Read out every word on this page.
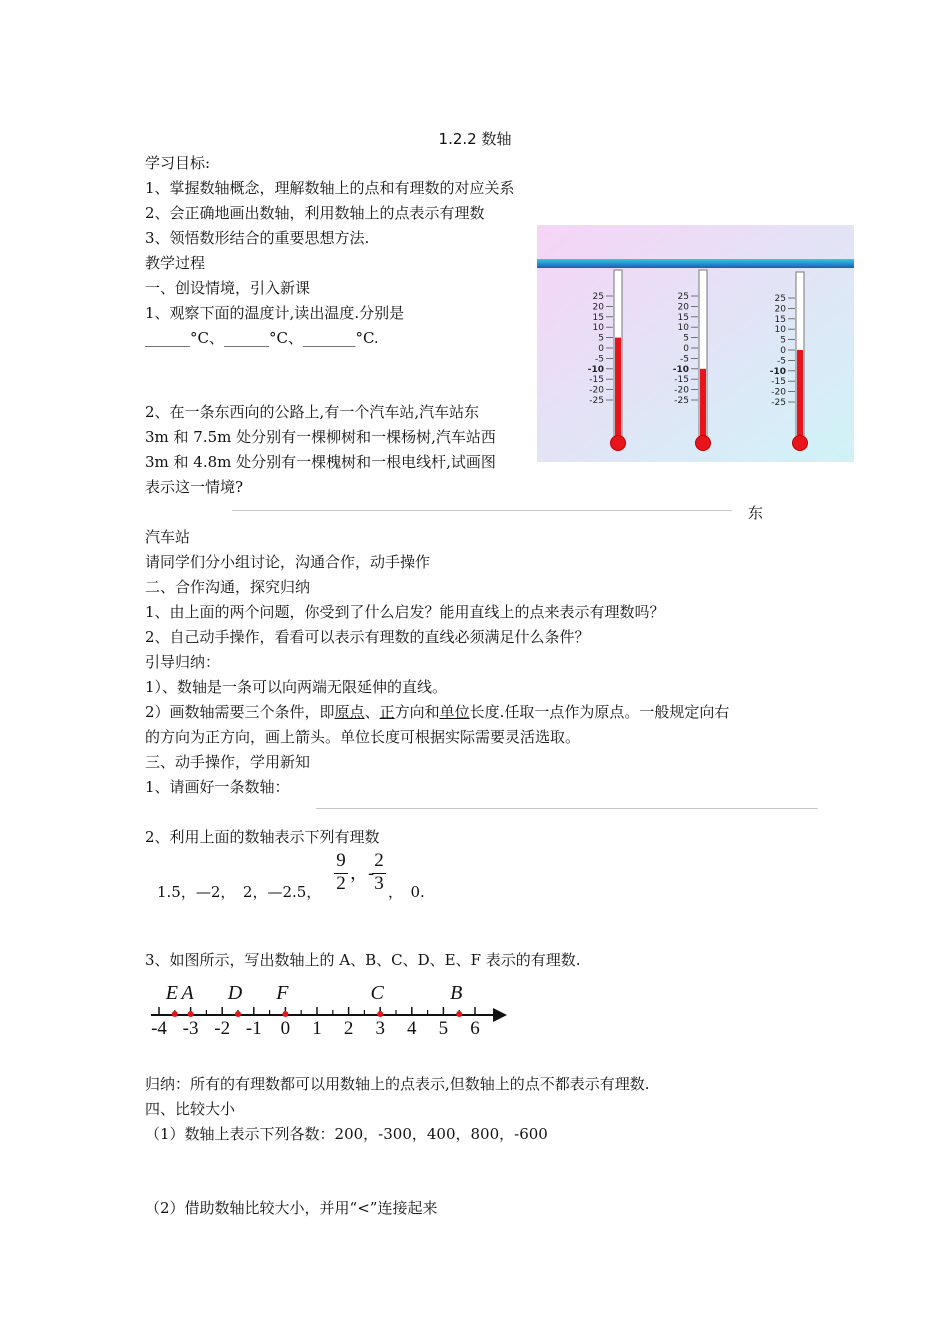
1.2.2 数轴
学习目标:
1、掌握数轴概念，理解数轴上的点和有理数的对应关系
2、会正确地画出数轴，利用数轴上的点表示有理数
3、领悟数形结合的重要思想方法.
教学过程
一、创设情境，引入新课
1、观察下面的温度计,读出温度.分别是
______°C、______°C、_______°C.
25
20
15
10
5
0
-5
-10
-15
-20
-25
25
20
15
10
5
0
-5
-10
-15
-20
-25
25
20
15
10
5
0
-5
-10
-15
-20
-25
2、在一条东西向的公路上,有一个汽车站,汽车站东
3m 和 7.5m 处分别有一棵柳树和一棵杨树,汽车站西
3m 和 4.8m 处分别有一棵槐树和一根电线杆,试画图
表示这一情境?
东
汽车站
请同学们分小组讨论，沟通合作，动手操作
二、合作沟通，探究归纳
1、由上面的两个问题，你受到了什么启发？能用直线上的点来表示有理数吗？
2、自己动手操作，看看可以表示有理数的直线必须满足什么条件？
引导归纳：
1）、数轴是一条可以向两端无限延伸的直线。
2）画数轴需要三个条件，即原点、正方向和单位长度.任取一点作为原点。一般规定向右
的方向为正方向，画上箭头。单位长度可根据实际需要灵活选取。
三、动手操作，学用新知
1、请画好一条数轴：
2、利用上面的数轴表示下列有理数
1.5，—2，　2，—2.5，
9
2 ，-
2
3 ，　0.
3、如图所示，写出数轴上的 A、B、C、D、E、F 表示的有理数.
-4 -3 -2 -1 0 1 2 3 4 5 6
E A D F	C	B
归纳：所有的有理数都可以用数轴上的点表示,但数轴上的点不都表示有理数.
四、比较大小
（1）数轴上表示下列各数：200，-300，400，800，-600
（2）借助数轴比较大小，并用“<”连接起来
